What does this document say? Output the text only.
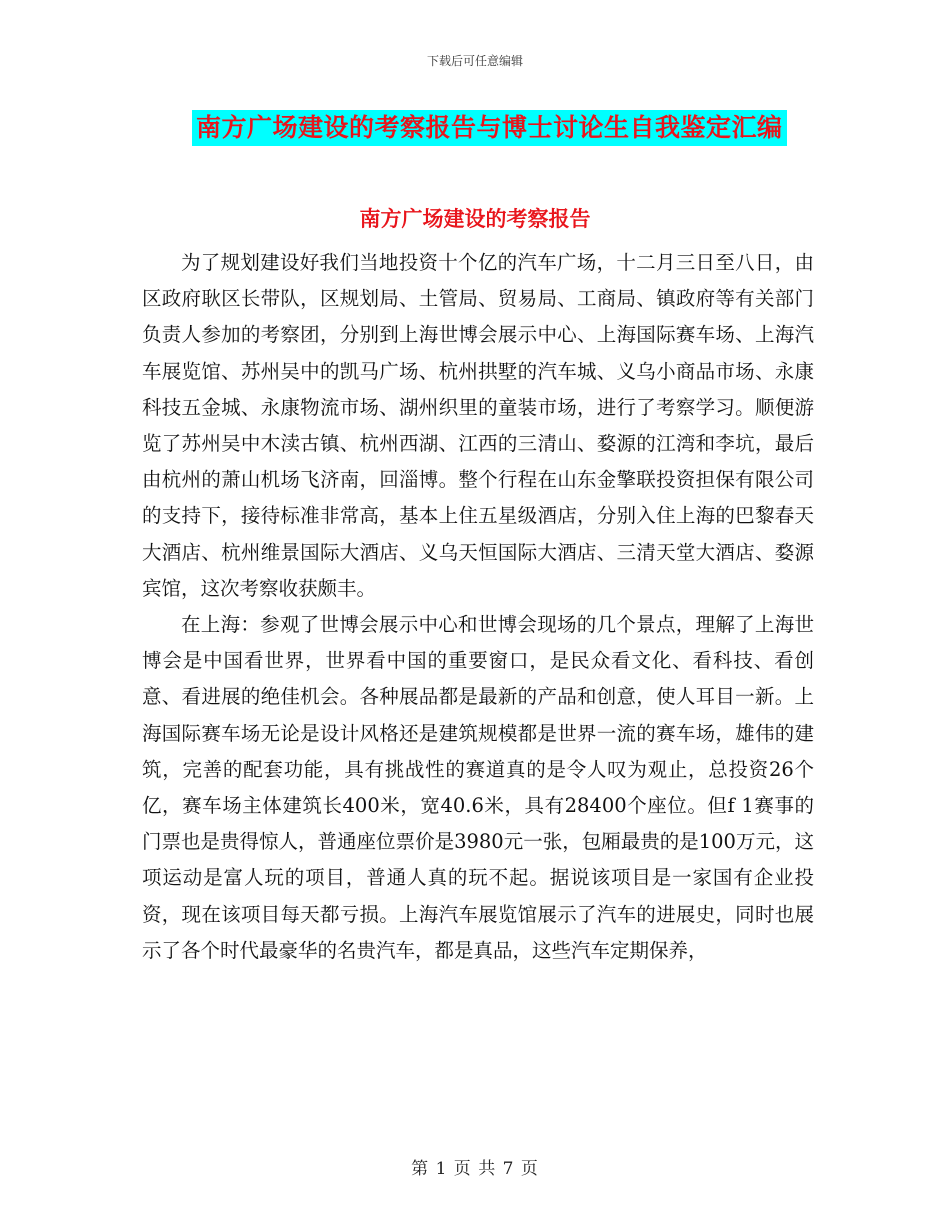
下载后可任意编辑
南方广场建设的考察报告与博士讨论生自我鉴定汇编
南方广场建设的考察报告

为了规划建设好我们当地投资十个亿的汽车广场，十二月三日至八日，由区政府耿区长带队，区规划局、土管局、贸易局、工商局、镇政府等有关部门负责人参加的考察团，分别到上海世博会展示中心、上海国际赛车场、上海汽车展览馆、苏州吴中的凯马广场、杭州拱墅的汽车城、义乌小商品市场、永康科技五金城、永康物流市场、湖州织里的童装市场，进行了考察学习。顺便游览了苏州吴中木渎古镇、杭州西湖、江西的三清山、婺源的江湾和李坑，最后由杭州的萧山机场飞济南，回淄博。整个行程在山东金擎联投资担保有限公司的支持下，接待标准非常高，基本上住五星级酒店，分别入住上海的巴黎春天大酒店、杭州维景国际大酒店、义乌天恒国际大酒店、三清天堂大酒店、婺源宾馆，这次考察收获颇丰。

在上海：参观了世博会展示中心和世博会现场的几个景点，理解了上海世博会是中国看世界，世界看中国的重要窗口，是民众看文化、看科技、看创意、看进展的绝佳机会。各种展品都是最新的产品和创意，使人耳目一新。上海国际赛车场无论是设计风格还是建筑规模都是世界一流的赛车场，雄伟的建筑，完善的配套功能，具有挑战性的赛道真的是令人叹为观止，总投资26个亿，赛车场主体建筑长400米，宽40.6米，具有28400个座位。但f 1赛事的门票也是贵得惊人，普通座位票价是3980元一张，包厢最贵的是100万元，这项运动是富人玩的项目，普通人真的玩不起。据说该项目是一家国有企业投资，现在该项目每天都亏损。上海汽车展览馆展示了汽车的进展史，同时也展示了各个时代最豪华的名贵汽车，都是真品，这些汽车定期保养，

第 1 页 共 7 页
